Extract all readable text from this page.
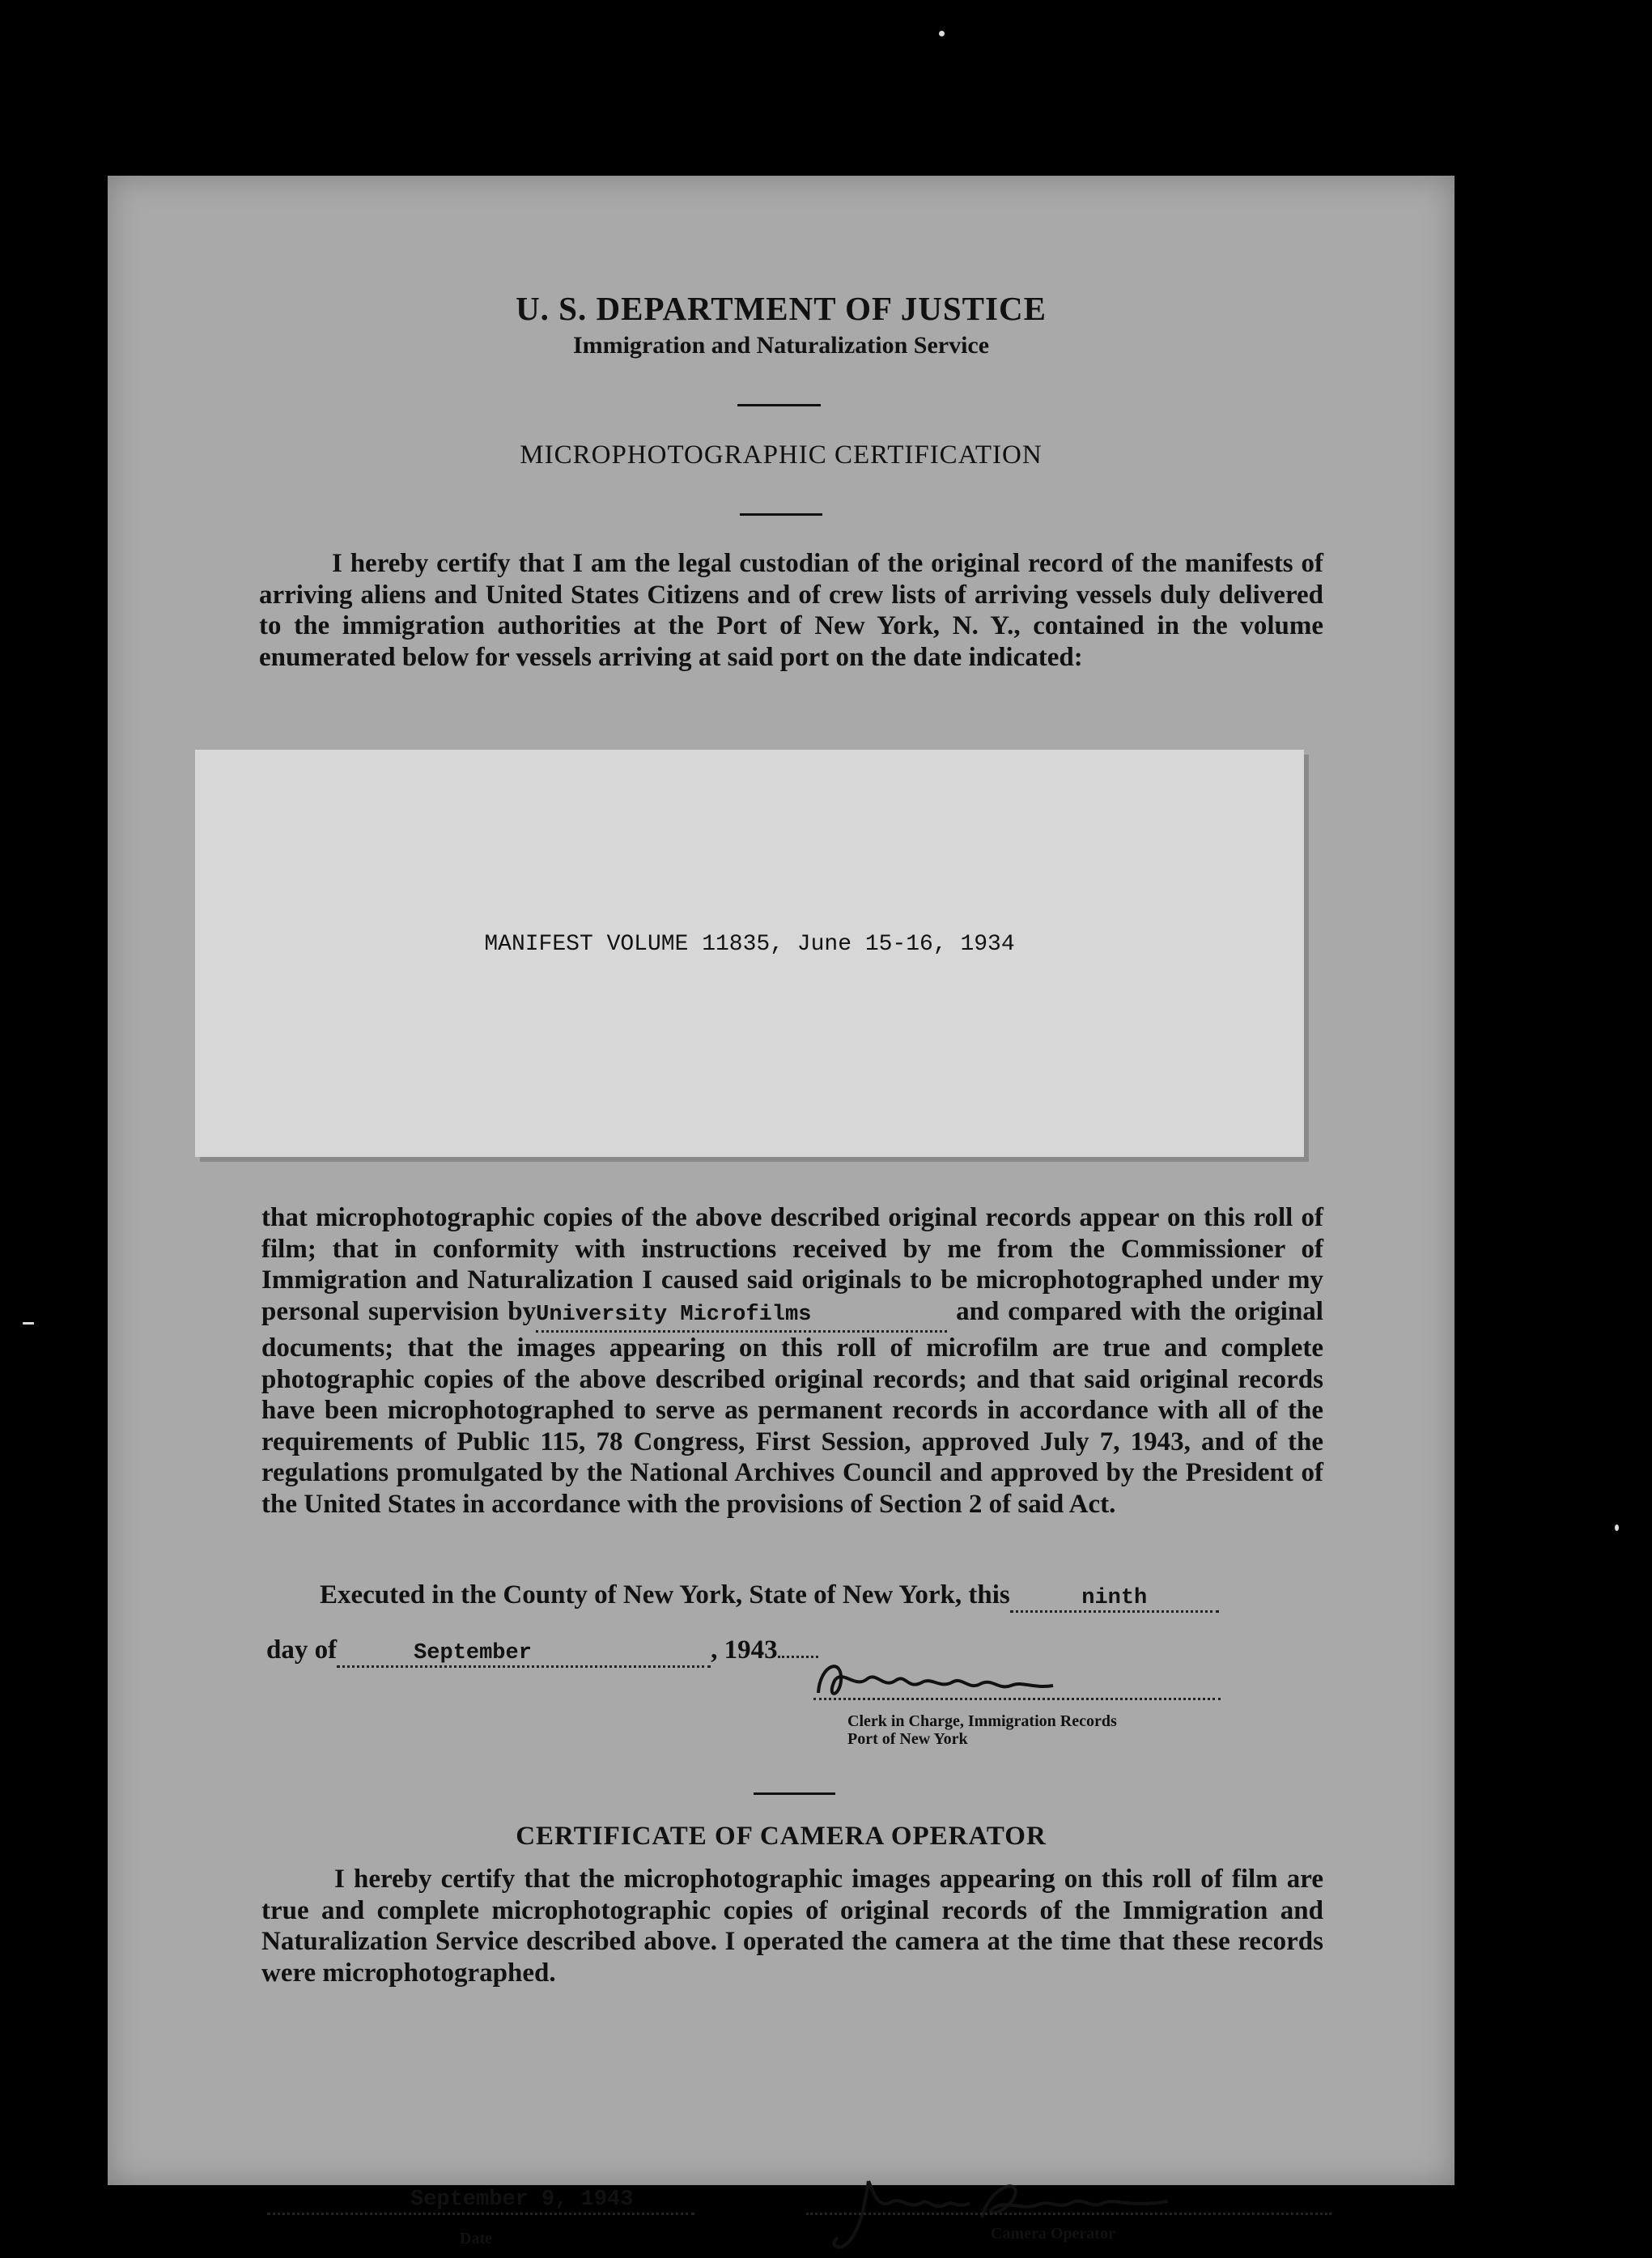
U. S. DEPARTMENT OF JUSTICE
Immigration and Naturalization Service
MICROPHOTOGRAPHIC CERTIFICATION
I hereby certify that I am the legal custodian of the original record of the manifests of arriving aliens and United States Citizens and of crew lists of arriving vessels duly delivered to the immigration authorities at the Port of New York, N. Y., contained in the volume enumerated below for vessels arriving at said port on the date indicated:
MANIFEST VOLUME 11835, June 15-16, 1934
that microphotographic copies of the above described original records appear on this roll of film; that in conformity with instructions received by me from the Commissioner of Immigration and Naturalization I caused said originals to be microphotographed under my personal supervision byUniversity Microfilms	and compared with the original documents; that the images appearing on this roll of microfilm are true and complete photographic copies of the above described original records; and that said original records have been microphotographed to serve as permanent records in accordance with all of the requirements of Public 115, 78 Congress, First Session, approved July 7, 1943, and of the regulations promulgated by the National Archives Council and approved by the President of the United States in accordance with the provisions of Section 2 of said Act.
Executed in the County of New York, State of New York, this	ninth
day of	September	, 1943
Clerk in Charge, Immigration Records
Port of New York
CERTIFICATE OF CAMERA OPERATOR
I hereby certify that the microphotographic images appearing on this roll of film are true and complete microphotographic copies of original records of the Immigration and Naturalization Service described above. I operated the camera at the time that these records were microphotographed.
September 9, 1943
Date	Camera Operator
